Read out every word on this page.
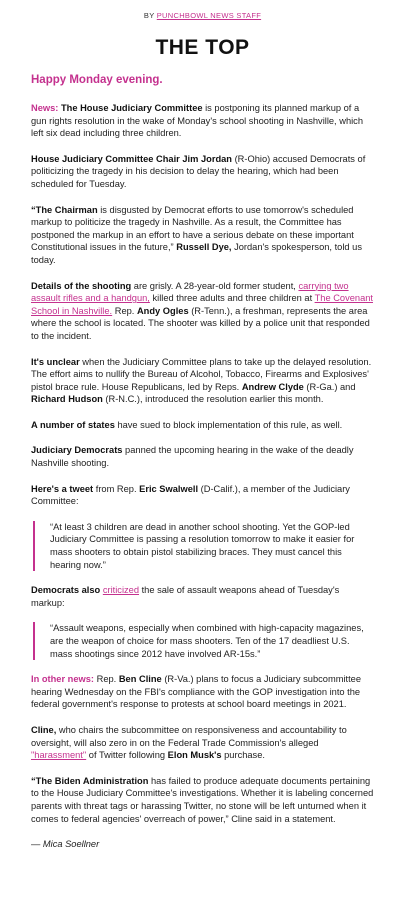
BY PUNCHBOWL NEWS STAFF
THE TOP
Happy Monday evening.

News: The House Judiciary Committee is postponing its planned markup of a gun rights resolution in the wake of Monday's school shooting in Nashville, which left six dead including three children.

House Judiciary Committee Chair Jim Jordan (R-Ohio) accused Democrats of politicizing the tragedy in his decision to delay the hearing, which had been scheduled for Tuesday.

“The Chairman is disgusted by Democrat efforts to use tomorrow's scheduled markup to politicize the tragedy in Nashville. As a result, the Committee has postponed the markup in an effort to have a serious debate on these important Constitutional issues in the future,” Russell Dye, Jordan's spokesperson, told us today.

Details of the shooting are grisly. A 28-year-old former student, carrying two assault rifles and a handgun, killed three adults and three children at The Covenant School in Nashville. Rep. Andy Ogles (R-Tenn.), a freshman, represents the area where the school is located. The shooter was killed by a police unit that responded to the incident.

It's unclear when the Judiciary Committee plans to take up the delayed resolution. The effort aims to nullify the Bureau of Alcohol, Tobacco, Firearms and Explosives' pistol brace rule. House Republicans, led by Reps. Andrew Clyde (R-Ga.) and Richard Hudson (R-N.C.), introduced the resolution earlier this month.

A number of states have sued to block implementation of this rule, as well.

Judiciary Democrats panned the upcoming hearing in the wake of the deadly Nashville shooting.

Here's a tweet from Rep. Eric Swalwell (D-Calif.), a member of the Judiciary Committee:

“At least 3 children are dead in another school shooting. Yet the GOP-led Judiciary Committee is passing a resolution tomorrow to make it easier for mass shooters to obtain pistol stabilizing braces. They must cancel this hearing now.”

Democrats also criticized the sale of assault weapons ahead of Tuesday's markup:

“Assault weapons, especially when combined with high-capacity magazines, are the weapon of choice for mass shooters. Ten of the 17 deadliest U.S. mass shootings since 2012 have involved AR-15s.”

In other news: Rep. Ben Cline (R-Va.) plans to focus a Judiciary subcommittee hearing Wednesday on the FBI's compliance with the GOP investigation into the federal government's response to protests at school board meetings in 2021.

Cline, who chairs the subcommittee on responsiveness and accountability to oversight, will also zero in on the Federal Trade Commission's alleged "harassment" of Twitter following Elon Musk's purchase.

“The Biden Administration has failed to produce adequate documents pertaining to the House Judiciary Committee's investigations. Whether it is labeling concerned parents with threat tags or harassing Twitter, no stone will be left unturned when it comes to federal agencies' overreach of power,” Cline said in a statement.

— Mica Soellner
